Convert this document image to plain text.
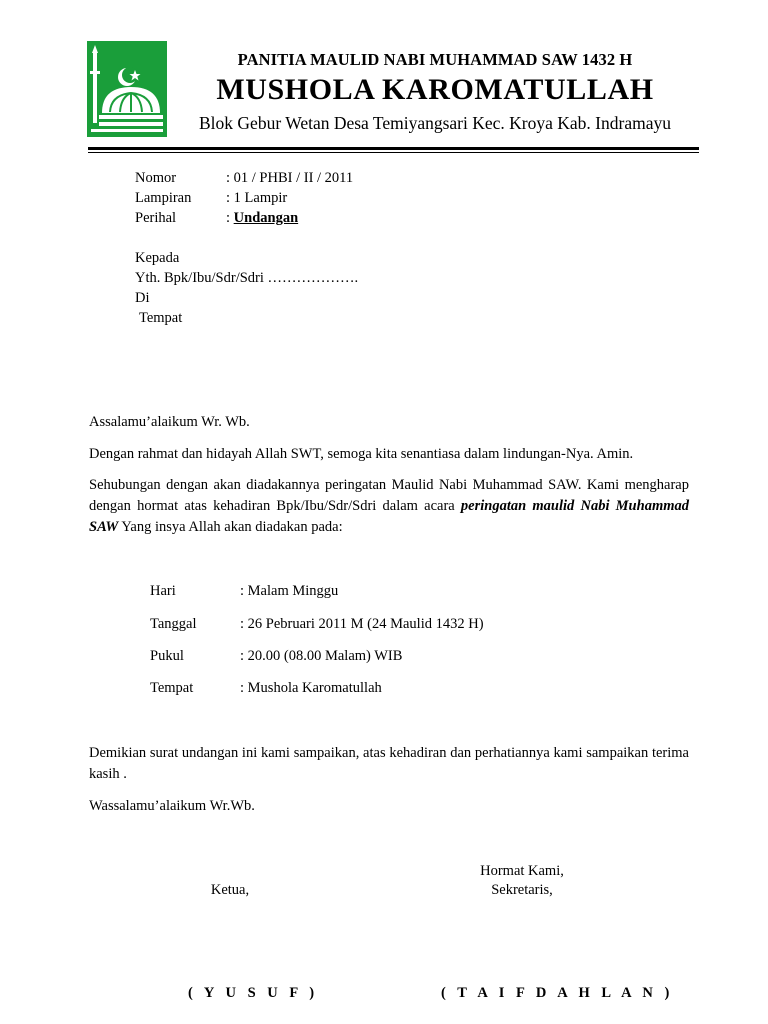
PANITIA MAULID NABI MUHAMMAD SAW 1432 H

MUSHOLA KAROMATULLAH

Blok Gebur Wetan Desa Temiyangsari Kec. Kroya Kab. Indramayu

Nomor	: 01 / PHBI / II / 2011
Lampiran : 1 Lampir
Perihal	: Undangan
Kepada
Yth. Bpk/Ibu/Sdr/Sdri ……………….
Di
Tempat
Assalamu’alaikum Wr. Wb.
Dengan rahmat dan hidayah Allah SWT, semoga kita senantiasa dalam lindungan-Nya. Amin.
Sehubungan dengan akan diadakannya peringatan Maulid Nabi Muhammad SAW. Kami mengharap dengan hormat atas kehadiran Bpk/Ibu/Sdr/Sdri dalam acara peringatan maulid Nabi Muhammad SAW Yang insya Allah akan diadakan pada:
Hari	: Malam Minggu
Tanggal	: 26 Pebruari 2011 M (24 Maulid 1432 H)
Pukul	: 20.00 (08.00 Malam) WIB
Tempat	: Mushola Karomatullah
Demikian surat undangan ini kami sampaikan, atas kehadiran dan perhatiannya kami sampaikan terima kasih .
Wassalamu’alaikum Wr.Wb.
Hormat Kami,
Ketua,	Sekretaris,
( Y U S U F )	( T A I F D A H L A N )
